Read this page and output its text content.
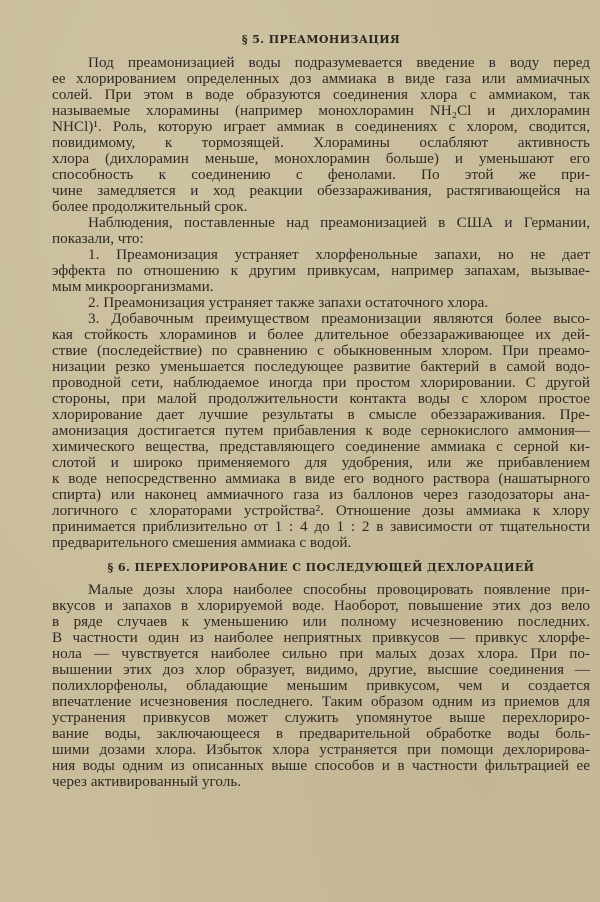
§ 5. ПРЕАМОНИЗАЦИЯ
Под преамонизацией воды подразумевается введение в воду перед
ее хлорированием определенных доз аммиака в виде газа или аммиачных
солей. При этом в воде образуются соединения хлора с аммиаком, так
называемые хлорамины (например монохлорамин NH₂Cl и дихлорамин
NHCl)¹. Роль, которую играет аммиак в соединениях с хлором, сводится,
повидимому, к тормозящей. Хлорамины ослабляют активность
хлора (дихлорамин меньше, монохлорамин больше) и уменьшают его
способность к соединению с фенолами. По этой же при-
чине замедляется и ход реакции обеззараживания, растягивающейся на
более продолжительный срок.
Наблюдения, поставленные над преамонизацией в США и Германии,
показали, что:
1. Преамонизация устраняет хлорфенольные запахи, но не дает
эффекта по отношению к другим привкусам, например запахам, вызывае-
мым микроорганизмами.
2. Преамонизация устраняет также запахи остаточного хлора.
3. Добавочным преимуществом преамонизации являются более высо-
кая стойкость хлораминов и более длительное обеззараживающее их дей-
ствие (последействие) по сравнению с обыкновенным хлором. При преамо-
низации резко уменьшается последующее развитие бактерий в самой водо-
проводной сети, наблюдаемое иногда при простом хлорировании. С другой
стороны, при малой продолжительности контакта воды с хлором простое
хлорирование дает лучшие результаты в смысле обеззараживания. Пре-
амонизация достигается путем прибавления к воде сернокислого аммония—
химического вещества, представляющего соединение аммиака с серной ки-
слотой и широко применяемого для удобрения, или же прибавлением
к воде непосредственно аммиака в виде его водного раствора (нашатырного
спирта) или наконец аммиачного газа из баллонов через газодозаторы ана-
логичного с хлораторами устройства². Отношение дозы аммиака к хлору
принимается приблизительно от 1 : 4 до 1 : 2 в зависимости от тщательности
предварительного смешения аммиака с водой.
§ 6. ПЕРЕХЛОРИРОВАНИЕ С ПОСЛЕДУЮЩЕЙ ДЕХЛОРАЦИЕЙ
Малые дозы хлора наиболее способны провоцировать появление при-
вкусов и запахов в хлорируемой воде. Наоборот, повышение этих доз вело
в ряде случаев к уменьшению или полному исчезновению последних.
В частности один из наиболее неприятных привкусов — привкус хлорфе-
нола — чувствуется наиболее сильно при малых дозах хлора. При по-
вышении этих доз хлор образует, видимо, другие, высшие соединения —
полихлорфенолы, обладающие меньшим привкусом, чем и создается
впечатление исчезновения последнего. Таким образом одним из приемов для
устранения привкусов может служить упомянутое выше перехлориро-
вание воды, заключающееся в предварительной обработке воды боль-
шими дозами хлора. Избыток хлора устраняется при помощи дехлорирова-
ния воды одним из описанных выше способов и в частности фильтрацией ее
через активированный уголь.
